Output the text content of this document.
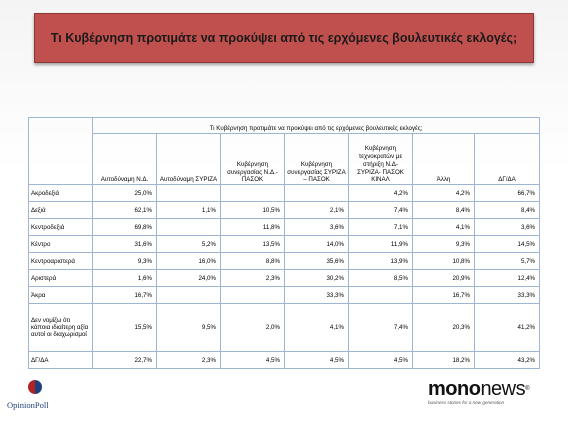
Τι Κυβέρνηση προτιμάτε να προκύψει από τις ερχόμενες βουλευτικές εκλογές;
	Τι Κυβέρνηση προτιμάτε να προκύψει από τις ερχόμενες βουλευτικές εκλογές;						
	Αυτοδύναμη Ν.Δ.	Αυτοδύναμη ΣΥΡΙΖΑ	Κυβέρνηση συνεργασίας Ν.Δ.- ΠΑΣΟΚ	Κυβέρνηση συνεργασίας ΣΥΡΙΖΑ – ΠΑΣΟΚ	Κυβέρνηση τεχνοκρατών με στήριξη Ν.Δ- ΣΥΡΙΖΑ- ΠΑΣΟΚ ΚΙΝΑΛ	Άλλη	ΔΓ/ΔΑ
Ακροδεξιά	25,0%				4,2%	4,2%	66,7%
Δεξιά	62,1%	1,1%	10,5%	2,1%	7,4%	8,4%	8,4%
Κεντροδεξιά	69,8%		11,8%	3,6%	7,1%	4,1%	3,6%
Κέντρο	31,6%	5,2%	13,5%	14,0%	11,9%	9,3%	14,5%
Κεντροαριστερά	9,3%	16,0%	8,8%	35,6%	13,9%	10,8%	5,7%
Αριστερά	1,6%	24,0%	2,3%	30,2%	8,5%	20,9%	12,4%
Άκρα	16,7%			33,3%		16,7%	33,3%
Δεν νομίζω ότι κάποια ιδιαίτερη αξία αυτοί οι διαχωρισμοί	15,5%	9,5%	2,0%	4,1%	7,4%	20,3%	41,2%
ΔΓ/ΔΑ	22,7%	2,3%	4,5%	4,5%	4,5%	18,2%	43,2%
OpinionPoll
mononews®
business stories for a new generation
